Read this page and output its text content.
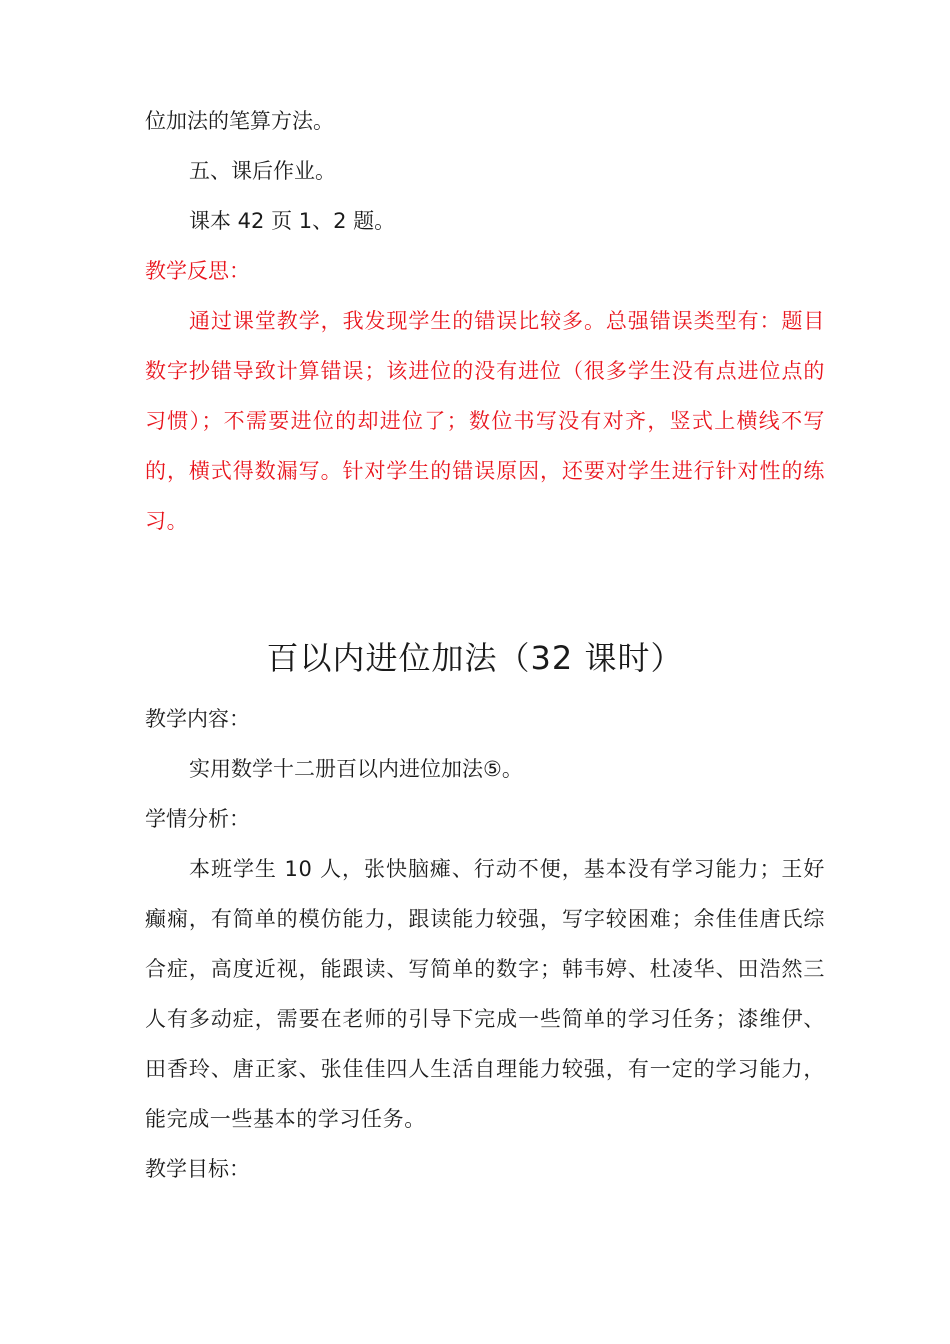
位加法的笔算方法。
五、课后作业。
课本 42 页 1、2 题。
教学反思：
通过课堂教学，我发现学生的错误比较多。总强错误类型有：题目数字抄错导致计算错误；该进位的没有进位（很多学生没有点进位点的习惯）；不需要进位的却进位了；数位书写没有对齐，竖式上横线不写的，横式得数漏写。针对学生的错误原因，还要对学生进行针对性的练习。
百以内进位加法（32 课时）
教学内容：
实用数学十二册百以内进位加法⑤。
学情分析：
本班学生 10 人，张快脑瘫、行动不便，基本没有学习能力；王好癫痫，有简单的模仿能力，跟读能力较强，写字较困难；余佳佳唐氏综合症，高度近视，能跟读、写简单的数字；韩韦婷、杜凌华、田浩然三人有多动症，需要在老师的引导下完成一些简单的学习任务；漆维伊、田香玲、唐正家、张佳佳四人生活自理能力较强，有一定的学习能力，能完成一些基本的学习任务。
教学目标：
